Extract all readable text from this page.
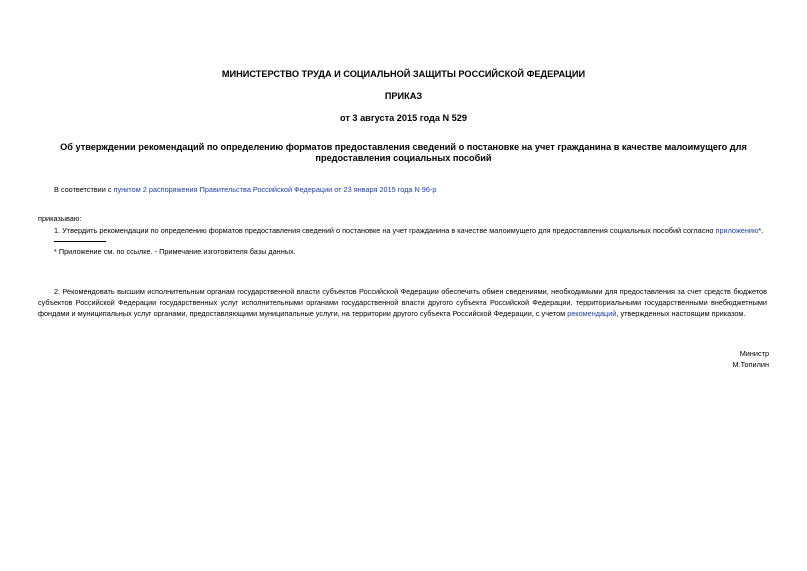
МИНИСТЕРСТВО ТРУДА И СОЦИАЛЬНОЙ ЗАЩИТЫ РОССИЙСКОЙ ФЕДЕРАЦИИ
ПРИКАЗ
от 3 августа 2015 года N 529
Об утверждении рекомендаций по определению форматов предоставления сведений о постановке на учет гражданина в качестве малоимущего для
предоставления социальных пособий
В соответствии с пунктом 2 распоряжения Правительства Российской Федерации от 23 января 2015 года N 96-р
приказываю:
1. Утвердить рекомендации по определению форматов предоставления сведений о постановке на учет гражданина в качестве малоимущего для предоставления социальных пособий согласно приложению*.
* Приложение см. по ссылке. - Примечание изготовителя базы данных.
2. Рекомендовать высшим исполнительным органам государственной власти субъектов Российской Федерации обеспечить обмен сведениями, необходимыми для предоставления за счет средств бюджетов
субъектов Российской Федерации государственных услуг исполнительными органами государственной власти другого субъекта Российской Федерации, территориальными государственными внебюджетными
фондами и муниципальных услуг органами, предоставляющими муниципальные услуги, на территории другого субъекта Российской Федерации, с учетом рекомендаций, утвержденных настоящим приказом.
Министр
М.Топилин
